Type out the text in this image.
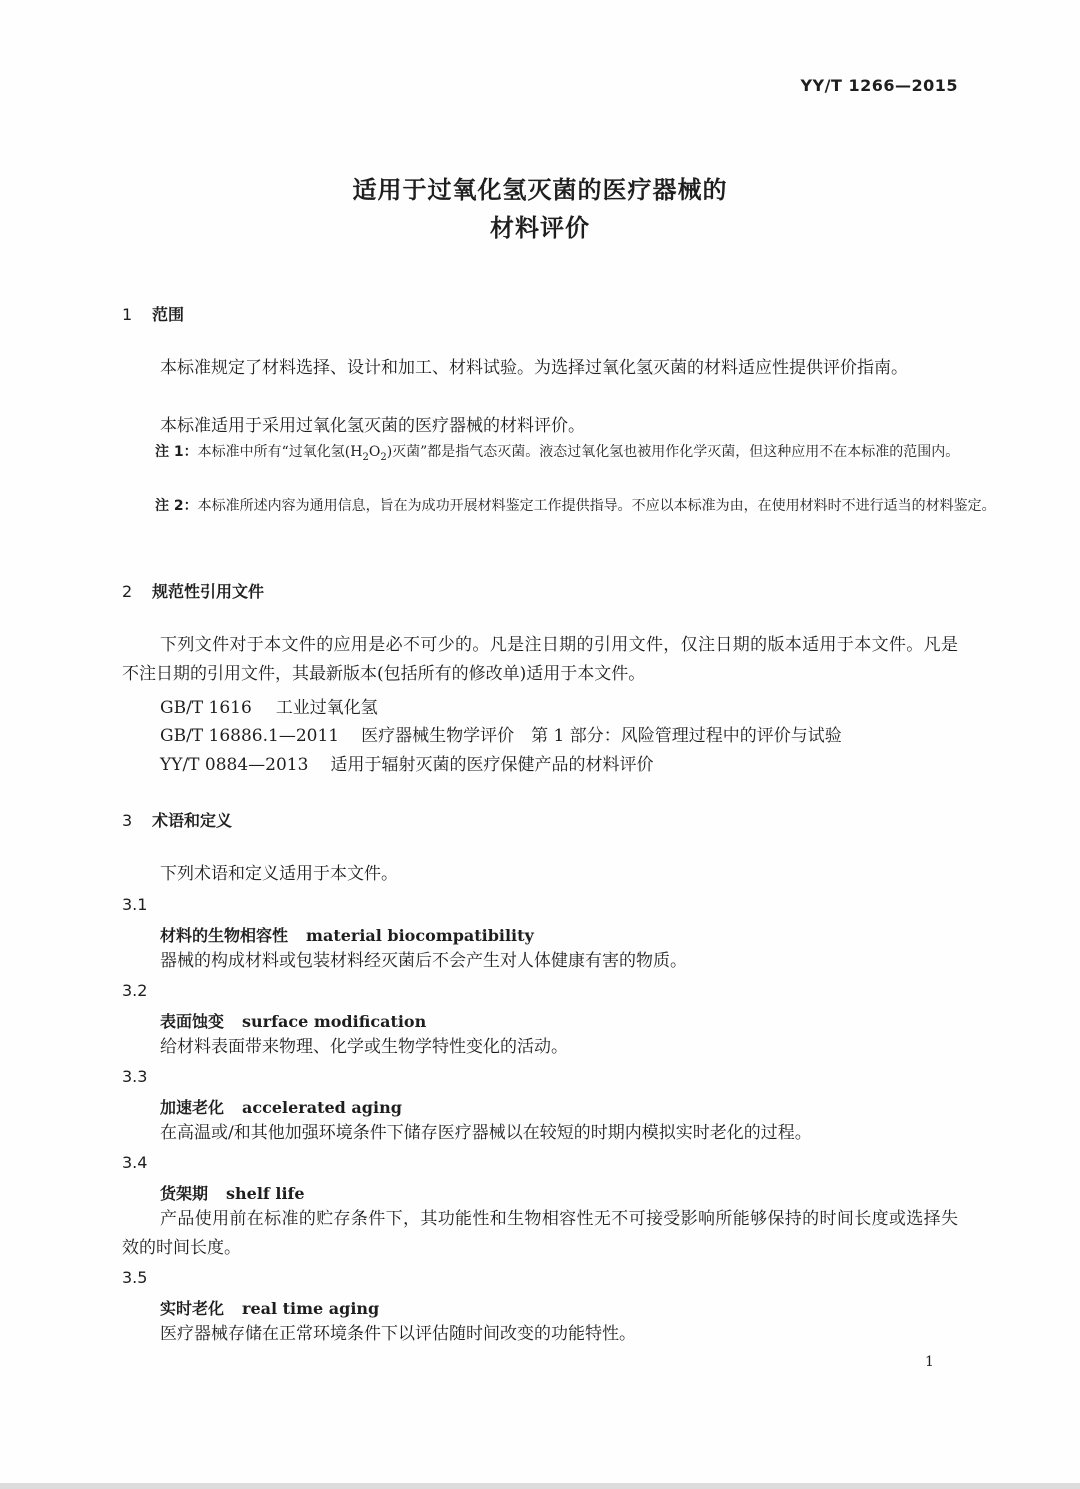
YY/T 1266—2015
适用于过氧化氢灭菌的医疗器械的
材料评价
1 范围
本标准规定了材料选择、设计和加工、材料试验。为选择过氧化氢灭菌的材料适应性提供评价指南。
本标准适用于采用过氧化氢灭菌的医疗器械的材料评价。
注 1：本标准中所有“过氧化氢$(H_2O_2)$灭菌”都是指气态灭菌。液态过氧化氢也被用作化学灭菌，但这种应用不在本标准的范围内。
注 2：本标准所述内容为通用信息，旨在为成功开展材料鉴定工作提供指导。不应以本标准为由，在使用材料时不进行适当的材料鉴定。
2 规范性引用文件
下列文件对于本文件的应用是必不可少的。凡是注日期的引用文件，仅注日期的版本适用于本文件。凡是不注日期的引用文件，其最新版本(包括所有的修改单)适用于本文件。
GB/T 1616 工业过氧化氢
GB/T 16886.1—2011 医疗器械生物学评价　第 1 部分：风险管理过程中的评价与试验
YY/T 0884—2013 适用于辐射灭菌的医疗保健产品的材料评价
3 术语和定义
下列术语和定义适用于本文件。
3.1
材料的生物相容性 material biocompatibility
器械的构成材料或包装材料经灭菌后不会产生对人体健康有害的物质。
3.2
表面蚀变 surface modification
给材料表面带来物理、化学或生物学特性变化的活动。
3.3
加速老化 accelerated aging
在高温或/和其他加强环境条件下储存医疗器械以在较短的时期内模拟实时老化的过程。
3.4
货架期 shelf life
产品使用前在标准的贮存条件下，其功能性和生物相容性无不可接受影响所能够保持的时间长度或选择失效的时间长度。
3.5
实时老化 real time aging
医疗器械存储在正常环境条件下以评估随时间改变的功能特性。
1
